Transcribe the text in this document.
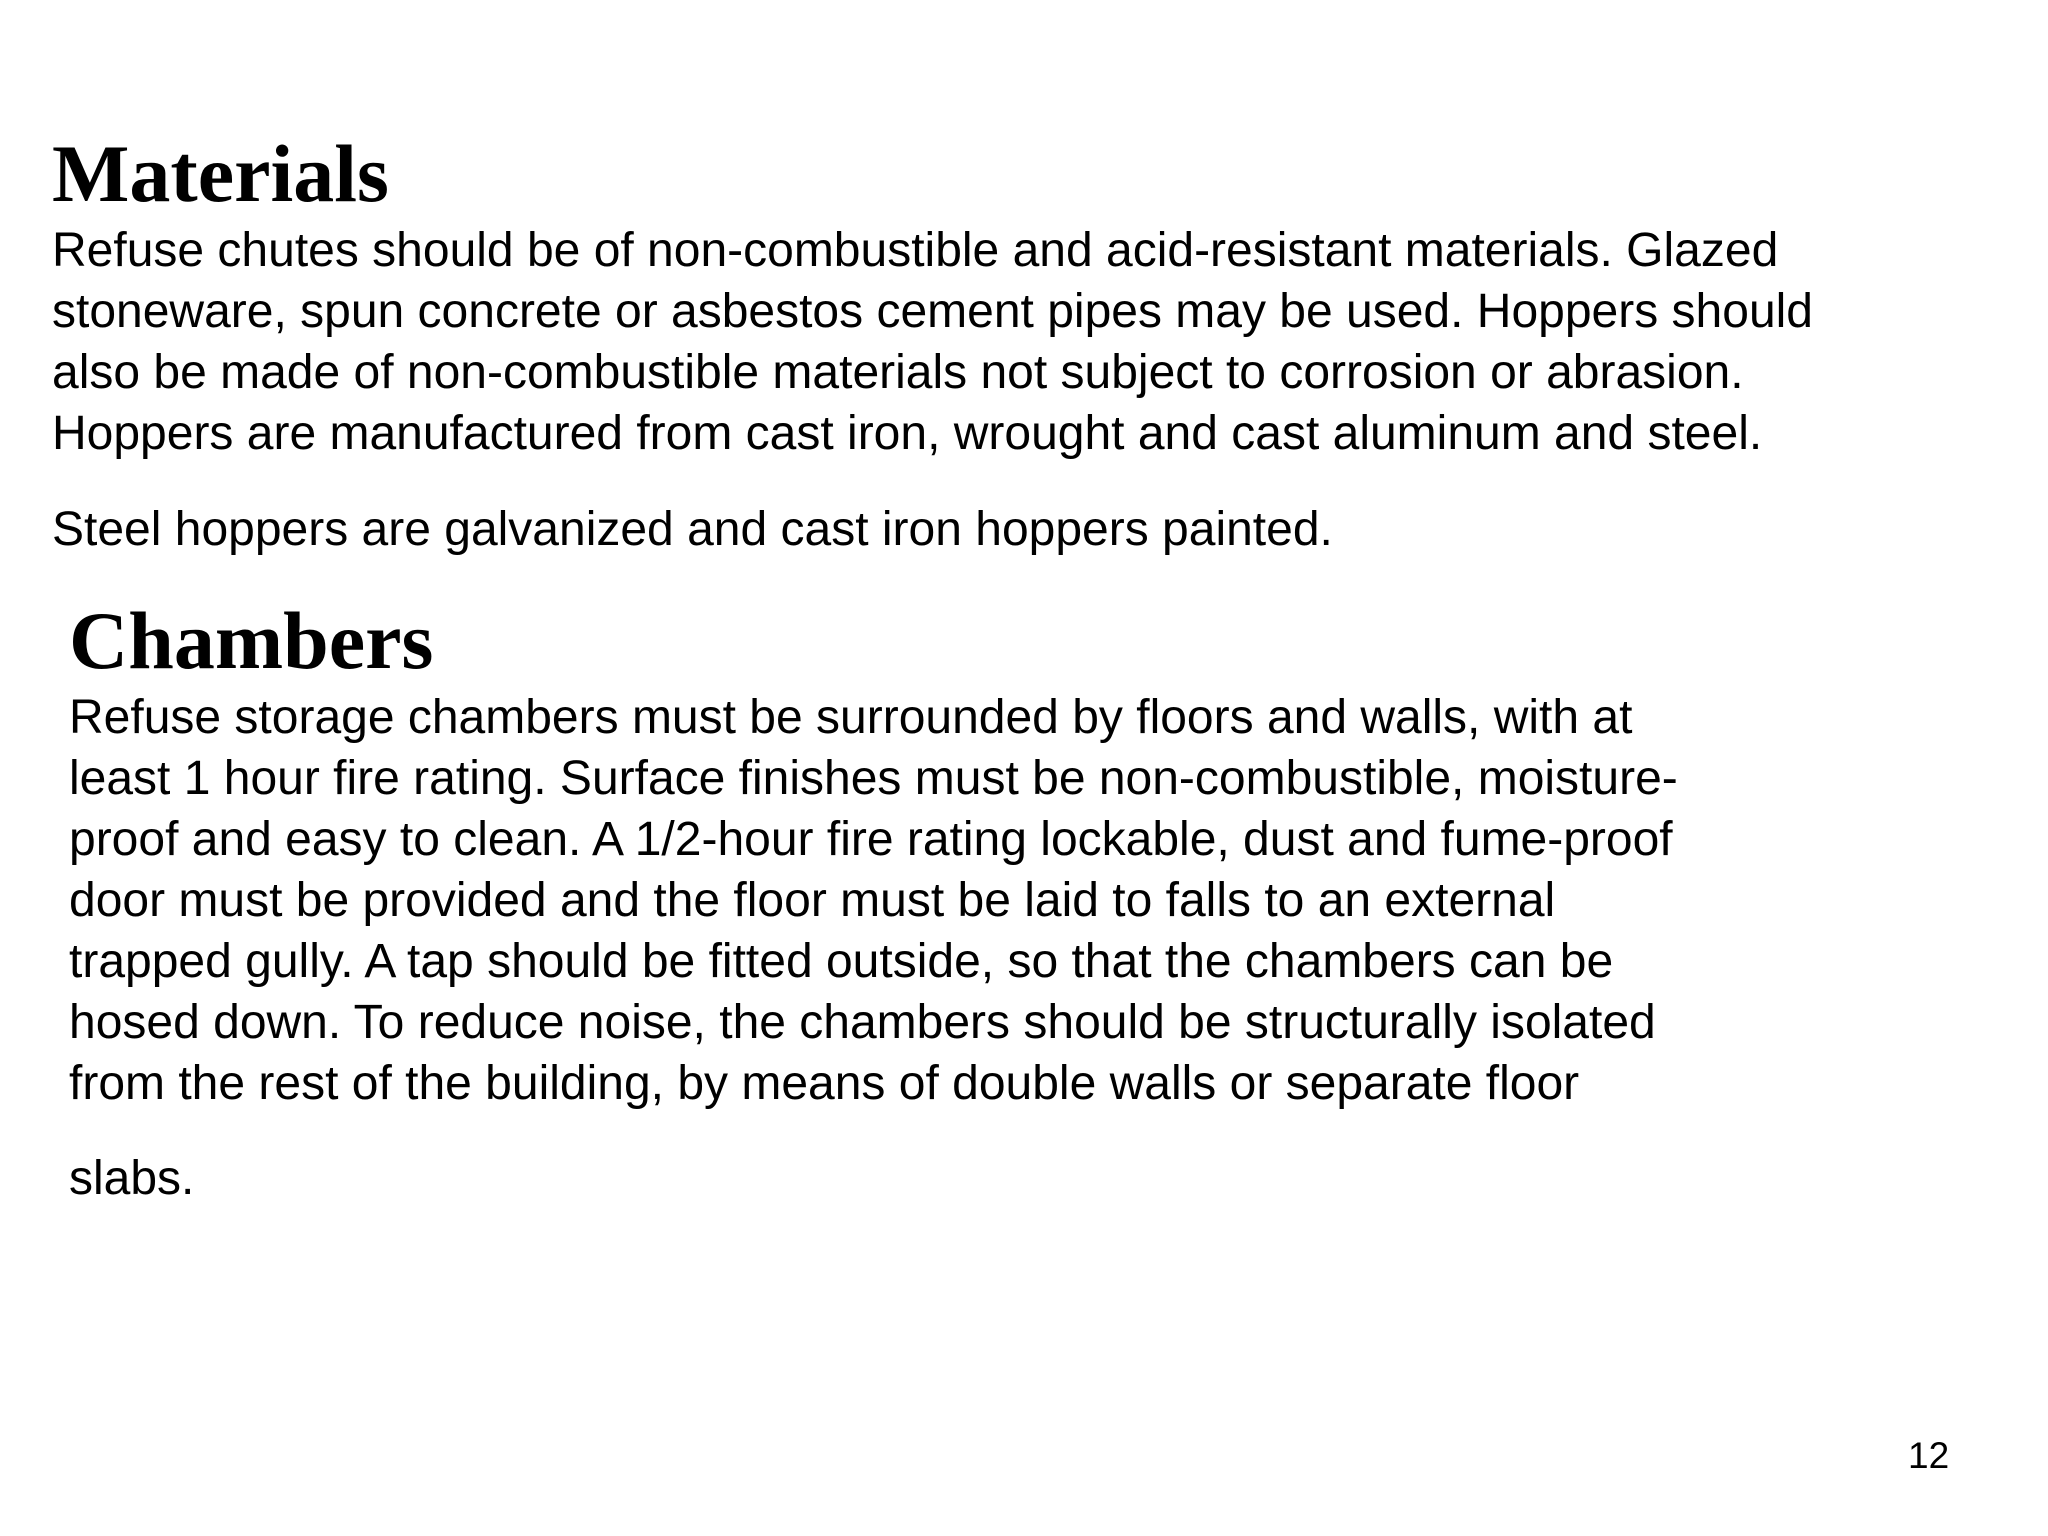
Materials

Refuse chutes should be of non-combustible and acid-resistant materials. Glazed
stoneware, spun concrete or asbestos cement pipes may be used. Hoppers should
also be made of non-combustible materials not subject to corrosion or abrasion.
Hoppers are manufactured from cast iron, wrought and cast aluminum and steel.

Steel hoppers are galvanized and cast iron hoppers painted.

Chambers

Refuse storage chambers must be surrounded by floors and walls, with at
least 1 hour fire rating. Surface finishes must be non-combustible, moisture-
proof and easy to clean. A 1/2-hour fire rating lockable, dust and fume-proof
door must be provided and the floor must be laid to falls to an external
trapped gully. A tap should be fitted outside, so that the chambers can be
hosed down. To reduce noise, the chambers should be structurally isolated
from the rest of the building, by means of double walls or separate floor

slabs.

12
